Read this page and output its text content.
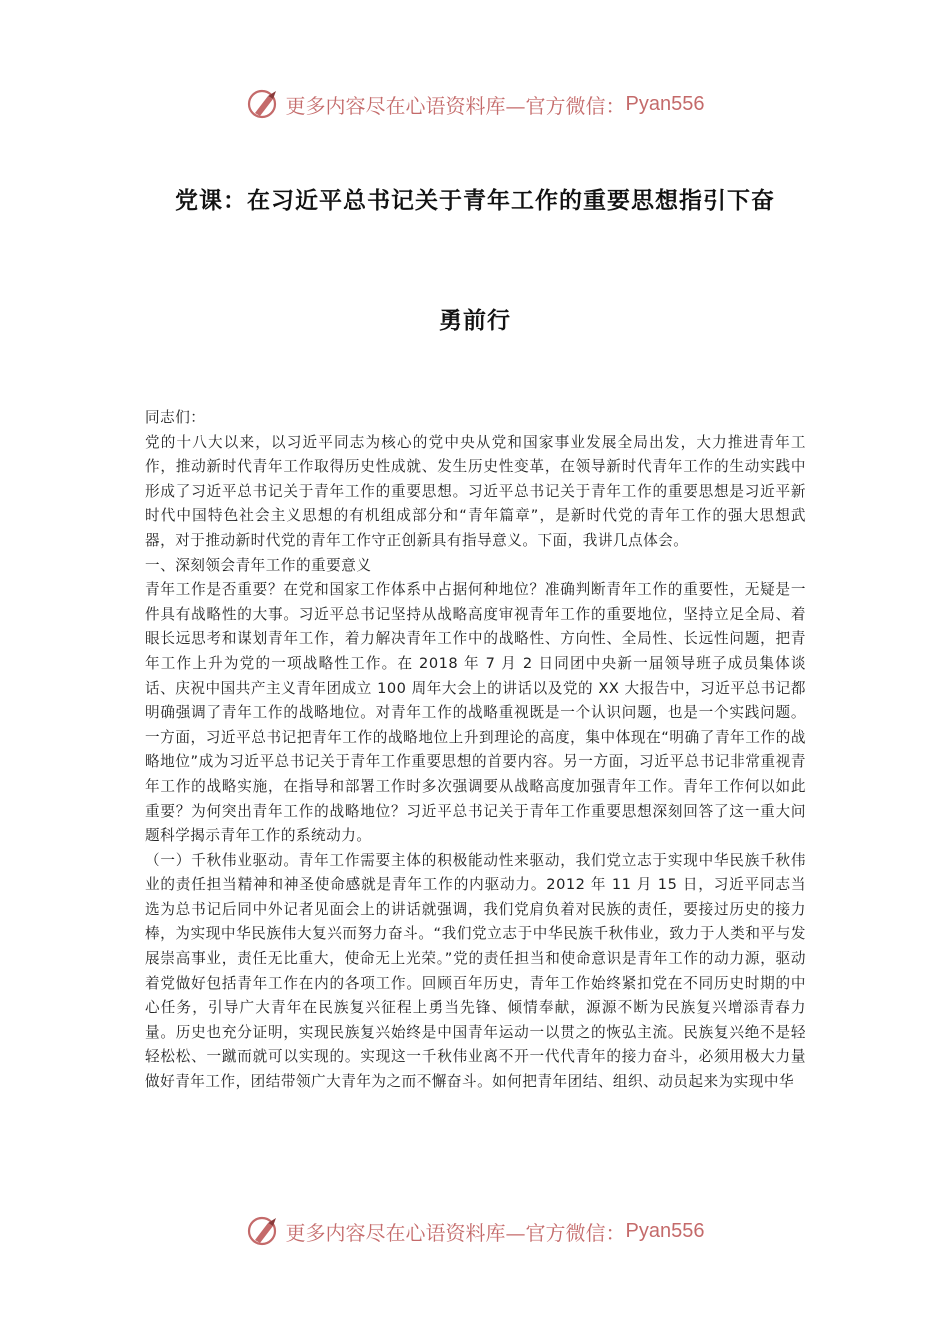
更多内容尽在心语资料库—官方微信： Pyan556
党课：在习近平总书记关于青年工作的重要思想指引下奋
勇前行

同志们：

党的十八大以来，以习近平同志为核心的党中央从党和国家事业发展全局出发，大力推进青年工作，推动新时代青年工作取得历史性成就、发生历史性变革，在领导新时代青年工作的生动实践中形成了习近平总书记关于青年工作的重要思想。习近平总书记关于青年工作的重要思想是习近平新时代中国特色社会主义思想的有机组成部分和“青年篇章”，是新时代党的青年工作的强大思想武器，对于推动新时代党的青年工作守正创新具有指导意义。下面，我讲几点体会。

一、深刻领会青年工作的重要意义

青年工作是否重要？在党和国家工作体系中占据何种地位？准确判断青年工作的重要性，无疑是一件具有战略性的大事。习近平总书记坚持从战略高度审视青年工作的重要地位，坚持立足全局、着眼长远思考和谋划青年工作，着力解决青年工作中的战略性、方向性、全局性、长远性问题，把青年工作上升为党的一项战略性工作。在 2018 年 7 月 2 日同团中央新一届领导班子成员集体谈话、庆祝中国共产主义青年团成立 100 周年大会上的讲话以及党的 XX 大报告中，习近平总书记都明确强调了青年工作的战略地位。对青年工作的战略重视既是一个认识问题，也是一个实践问题。一方面，习近平总书记把青年工作的战略地位上升到理论的高度，集中体现在“明确了青年工作的战略地位”成为习近平总书记关于青年工作重要思想的首要内容。另一方面，习近平总书记非常重视青年工作的战略实施，在指导和部署工作时多次强调要从战略高度加强青年工作。青年工作何以如此重要？为何突出青年工作的战略地位？习近平总书记关于青年工作重要思想深刻回答了这一重大问题科学揭示青年工作的系统动力。

（一）千秋伟业驱动。青年工作需要主体的积极能动性来驱动，我们党立志于实现中华民族千秋伟业的责任担当精神和神圣使命感就是青年工作的内驱动力。2012 年 11 月 15 日，习近平同志当选为总书记后同中外记者见面会上的讲话就强调，我们党肩负着对民族的责任，要接过历史的接力棒，为实现中华民族伟大复兴而努力奋斗。“我们党立志于中华民族千秋伟业，致力于人类和平与发展崇高事业，责任无比重大，使命无上光荣。”党的责任担当和使命意识是青年工作的动力源，驱动着党做好包括青年工作在内的各项工作。回顾百年历史，青年工作始终紧扣党在不同历史时期的中心任务，引导广大青年在民族复兴征程上勇当先锋、倾情奉献，源源不断为民族复兴增添青春力量。历史也充分证明，实现民族复兴始终是中国青年运动一以贯之的恢弘主流。民族复兴绝不是轻轻松松、一蹴而就可以实现的。实现这一千秋伟业离不开一代代青年的接力奋斗，必须用极大力量做好青年工作，团结带领广大青年为之而不懈奋斗。如何把青年团结、组织、动员起来为实现中华

更多内容尽在心语资料库—官方微信： Pyan556
